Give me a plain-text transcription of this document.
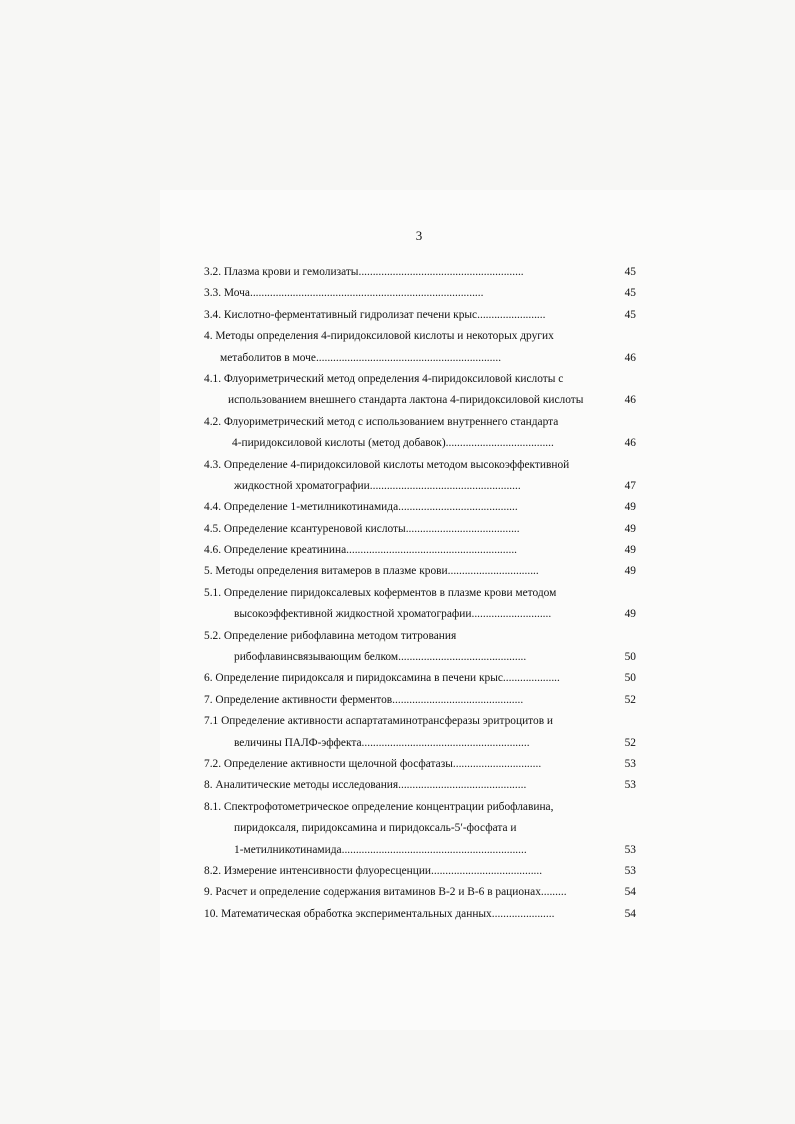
3
3.2. Плазма крови и гемолизаты..........................................................	45
3.3. Моча..................................................................................	45
3.4. Кислотно-ферментативный гидролизат печени крыс........................	45
4. Методы определения 4-пиридоксиловой кислоты и некоторых других
метаболитов в моче.................................................................	46
4.1. Флуориметрический метод определения 4-пиридоксиловой кислоты с
использованием внешнего стандарта лактона 4-пиридоксиловой кислоты	46
4.2. Флуориметрический метод с использованием внутреннего стандарта
4-пиридоксиловой кислоты (метод добавок)......................................	46
4.3. Определение 4-пиридоксиловой кислоты методом высокоэффективной
жидкостной хроматографии.....................................................	47
4.4. Определение 1-метилникотинамида..........................................	49
4.5. Определение ксантуреновой кислоты........................................	49
4.6. Определение креатинина............................................................	49
5. Методы определения витамеров в плазме крови................................	49
5.1. Определение пиридоксалевых коферментов в плазме крови методом
высокоэффективной жидкостной хроматографии............................	49
5.2. Определение рибофлавина методом титрования
рибофлавинсвязывающим белком.............................................	50
6. Определение пиридоксаля и пиридоксамина в печени крыс....................	50
7. Определение активности ферментов..............................................	52
7.1 Определение активности аспартатаминотрансферазы эритроцитов и
величины ПАЛФ-эффекта...........................................................	52
7.2. Определение активности щелочной фосфатазы...............................	53
8. Аналитические методы исследования.............................................	53
8.1. Спектрофотометрическое определение концентрации рибофлавина,
пиридоксаля, пиридоксамина и пиридоксаль-5′-фосфата и
1-метилникотинамида.................................................................	53
8.2. Измерение интенсивности флуоресценции.......................................	53
9. Расчет и определение содержания витаминов В-2 и В-6 в рационах.........	54
10. Математическая обработка экспериментальных данных......................	54
